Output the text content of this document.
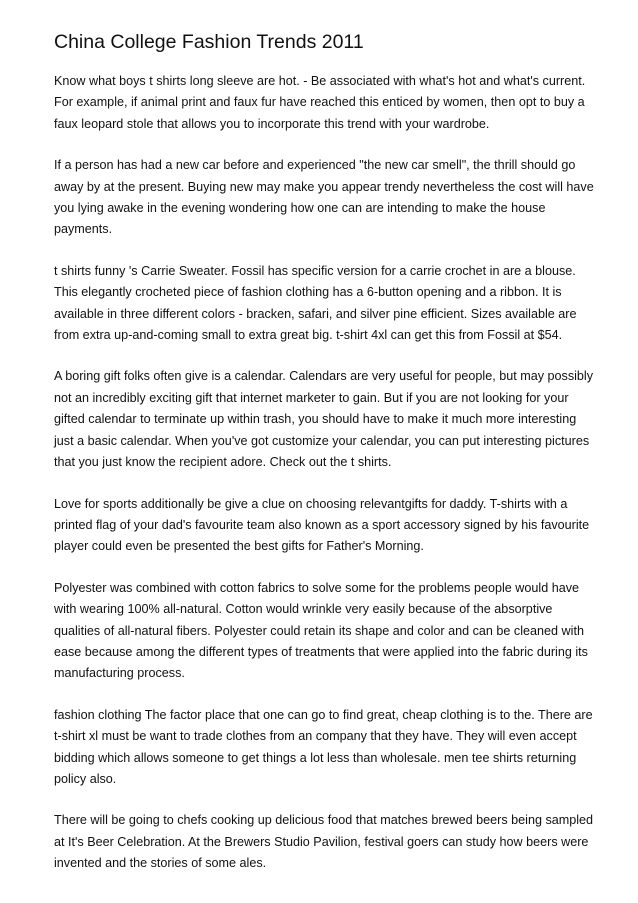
China College Fashion Trends 2011

Know what boys t shirts long sleeve are hot. - Be associated with what's hot and what's current. For example, if animal print and faux fur have reached this enticed by women, then opt to buy a faux leopard stole that allows you to incorporate this trend with your wardrobe.

If a person has had a new car before and experienced "the new car smell", the thrill should go away by at the present. Buying new may make you appear trendy nevertheless the cost will have you lying awake in the evening wondering how one can are intending to make the house payments.

t shirts funny 's Carrie Sweater. Fossil has specific version for a carrie crochet in are a blouse. This elegantly crocheted piece of fashion clothing has a 6-button opening and a ribbon. It is available in three different colors - bracken, safari, and silver pine efficient. Sizes available are from extra up-and-coming small to extra great big. t-shirt 4xl can get this from Fossil at $54.

A boring gift folks often give is a calendar. Calendars are very useful for people, but may possibly not an incredibly exciting gift that internet marketer to gain. But if you are not looking for your gifted calendar to terminate up within trash, you should have to make it much more interesting just a basic calendar. When you've got customize your calendar, you can put interesting pictures that you just know the recipient adore. Check out the t shirts.

Love for sports additionally be give a clue on choosing relevantgifts for daddy. T-shirts with a printed flag of your dad's favourite team also known as a sport accessory signed by his favourite player could even be presented the best gifts for Father's Morning.

Polyester was combined with cotton fabrics to solve some for the problems people would have with wearing 100% all-natural. Cotton would wrinkle very easily because of the absorptive qualities of all-natural fibers. Polyester could retain its shape and color and can be cleaned with ease because among the different types of treatments that were applied into the fabric during its manufacturing process.

fashion clothing The factor place that one can go to find great, cheap clothing is to the. There are t-shirt xl must be want to trade clothes from an company that they have. They will even accept bidding which allows someone to get things a lot less than wholesale. men tee shirts returning policy also.

There will be going to chefs cooking up delicious food that matches brewed beers being sampled at It's Beer Celebration. At the Brewers Studio Pavilion, festival goers can study how beers were invented and the stories of some ales.
